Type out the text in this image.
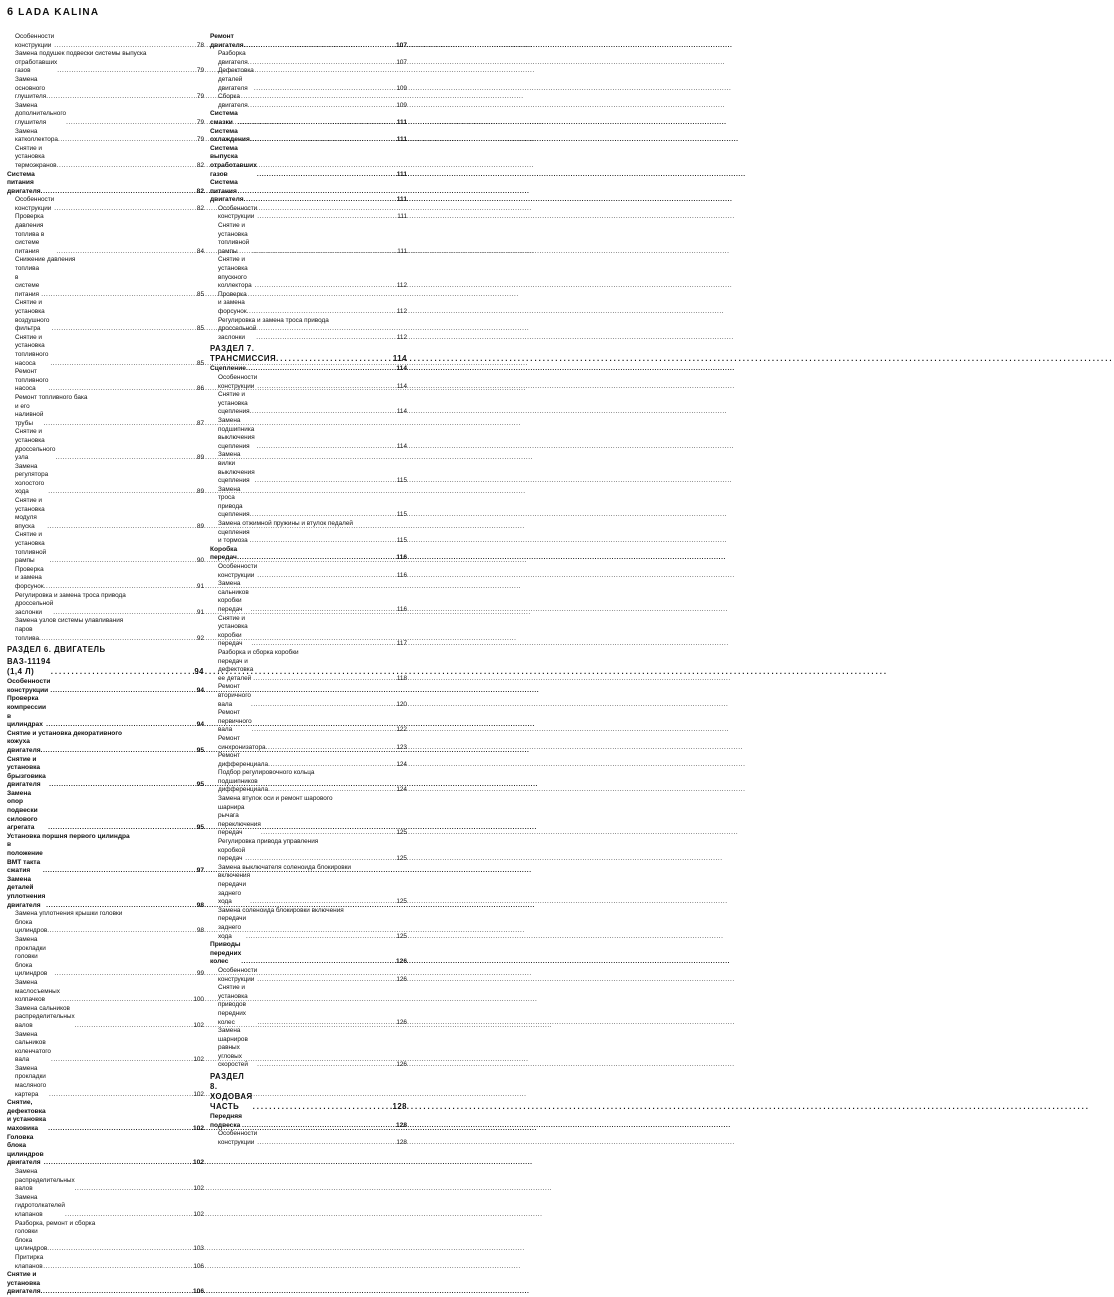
6 LADA KALINA
Особенности конструкции .....	78
Замена подушек подвески системы выпуска
отработавших газов .....	79
Замена основного глушителя .....	79
Замена дополнительного глушителя .....	79
Замена катколлектора .....	79
Снятие и установка термоэкранов .....	82
Система питания двигателя .....	82
Особенности конструкции .....	82
Проверка давления топлива в системе питания .....	84
Снижение давления
топлива в системе питания .....	85
Снятие и установка воздушного фильтра .....	85
Снятие и установка топливного насоса .....	85
Ремонт топливного насоса .....	86
Ремонт топливного бака
и его наливной трубы .....	87
Снятие и установка дроссельного узла .....	89
Замена регулятора холостого хода .....	89
Снятие и установка модуля впуска .....	89
Снятие и установка топливной рампы .....	90
Проверка и замена форсунок .....	91
Регулировка и замена троса привода
дроссельной заслонки .....	91
Замена узлов системы улавливания
паров топлива .....	92
РАЗДЕЛ 6. ДВИГАТЕЛЬ
ВАЗ-11194 (1,4 Л) .....	94
Особенности конструкции .....	94
Проверка компрессии в цилиндрах .....	94
Снятие и установка декоративного
кожуха двигателя .....	95
Снятие и установка брызговика двигателя .....	95
Замена опор подвески силового агрегата .....	95
Установка поршня первого цилиндра
в положение ВМТ такта сжатия .....	97
Замена деталей уплотнения двигателя .....	98
Замена уплотнения крышки головки
блока цилиндров .....	98
Замена прокладки головки блока цилиндров .....	99
Замена маслосъемных колпачков .....	100
Замена сальников распределительных валов .....	102
Замена сальников коленчатого вала .....	102
Замена прокладки масляного картера .....	102
Снятие, дефектовка и установка маховика .....	102
Головка блока цилиндров двигателя .....	102
Замена распределительных валов .....	102
Замена гидротолкателей клапанов .....	102
Разборка, ремонт и сборка
головки блока цилиндров .....	103
Притирка клапанов .....	106
Снятие и установка двигателя .....	106
Ремонт двигателя .....	107
Разборка двигателя .....	107
Дефектовка деталей двигателя .....	109
Сборка двигателя .....	109
Система смазки .....	111
Система охлаждения .....	111
Система выпуска отработавших газов .....	111
Система питания двигателя .....	111
Особенности конструкции .....	111
Снятие и установка топливной рампы .....	111
Снятие и установка впускного коллектора .....	112
Проверка и замена форсунок .....	112
Регулировка и замена троса привода
дроссельной заслонки .....	112
РАЗДЕЛ 7. ТРАНСМИССИЯ .....	114
Сцепление .....	114
Особенности конструкции .....	114
Снятие и установка сцепления .....	114
Замена подшипника выключения сцепления .....	114
Замена вилки выключения сцепления .....	115
Замена троса привода сцепления .....	115
Замена отжимной пружины и втулок педалей
сцепления и тормоза .....	115
Коробка передач .....	116
Особенности конструкции .....	116
Замена сальников коробки передач .....	116
Снятие и установка коробки передач .....	117
Разборка и сборка коробки
передач и дефектовка ее деталей .....	118
Ремонт вторичного вала .....	120
Ремонт первичного вала .....	122
Ремонт синхронизатора .....	123
Ремонт дифференциала .....	124
Подбор регулировочного кольца
подшипников дифференциала .....	124
Замена втулок оси и ремонт шарового
шарнира рычага переключения передач .....	125
Регулировка привода управления
коробкой передач .....	125
Замена выключателя соленоида блокировки
включения передачи заднего хода .....	125
Замена соленоида блокировки включения
передачи заднего хода .....	125
Приводы передних колес .....	126
Особенности конструкции .....	126
Снятие и установка приводов передних колес .....	126
Замена шарниров равных угловых скоростей .....	126
РАЗДЕЛ 8. ХОДОВАЯ ЧАСТЬ .....	128
Передняя подвеска .....	128
Особенности конструкции .....	128
